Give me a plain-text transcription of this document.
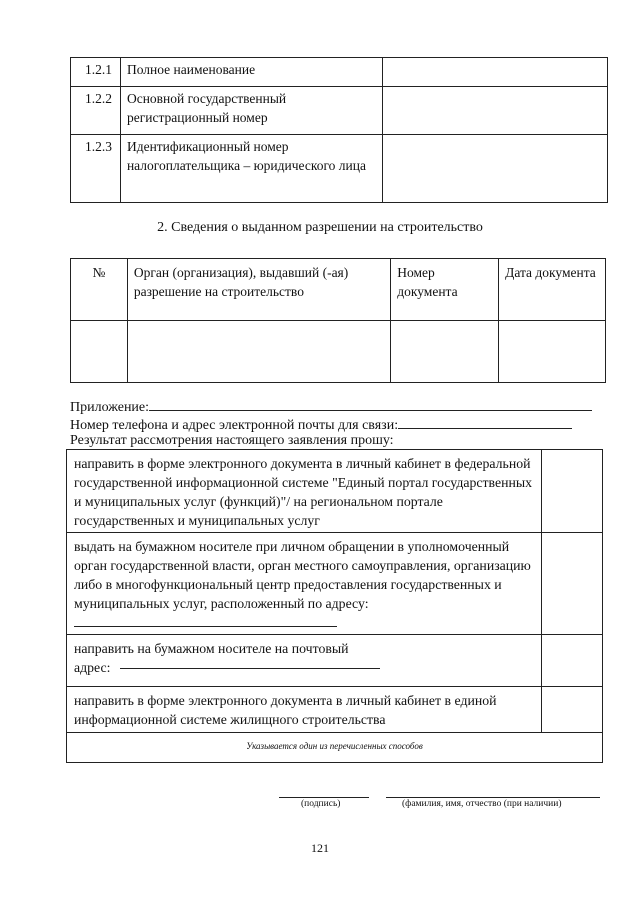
1.2.1	Полное наименование	
1.2.2	Основной государственный регистрационный номер	
1.2.3	Идентификационный номер налогоплательщика – юридического лица	
2. Сведения о выданном разрешении на строительство
№	Орган (организация), выдавший (-ая) разрешение на строительство	Номер документа	Дата документа

Приложение:
Номер телефона и адрес электронной почты для связи:
Результат рассмотрения настоящего заявления прошу:
направить в форме электронного документа в личный кабинет в федеральной государственной информационной системе "Единый портал государственных и муниципальных услуг (функций)"/ на региональном портале государственных и муниципальных услуг	
выдать на бумажном носителе при личном обращении в уполномоченный орган государственной власти, орган местного самоуправления, организацию либо в многофункциональный центр предоставления государственных и муниципальных услуг, расположенный по адресу:	
направить на бумажном носителе на почтовый адрес:	
направить в форме электронного документа в личный кабинет в единой информационной системе жилищного строительства	
Указывается один из перечисленных способов	
(подпись)	(фамилия, имя, отчество (при наличии)
121
